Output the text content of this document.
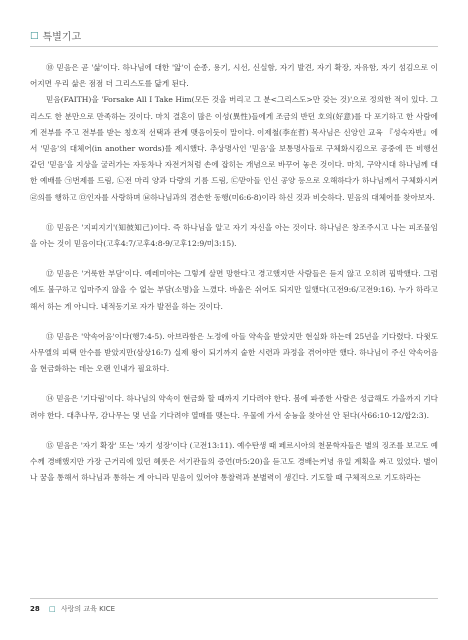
□ 특별기고

⑩ 믿음은 곧 '삶'이다. 하나님에 대한 '앎'이 순종, 용기, 시선, 신실함, 자기 발견, 자기 확장, 자유함, 자기 섬김으로 이어지면 우리 삶은 점점 더 그리스도를 닮게 된다.

믿음(FAITH)을 'Forsake All I Take Him(모든 것을 버리고 그 분<그리스도>만 갖는 것)'으로 정의한 적이 있다. 그리스도 한 분만으로 만족하는 것이다. 마치 결혼이 많은 이성(異性)들에게 조금의 반던 호의(好意)를 다 포기하고 한 사람에게 전부를 주고 전부를 받는 칭호적 선택과 관계 맺음이듯이 말이다. 이제철(李在哲) 목사님은 신앙인 교육 『성숙자반』에서 '믿음'의 대체어(in another words)를 제시했다. 추상명사인 '믿음'을 보통명사들로 구체화시킴으로 공중에 뜬 비행선 같던 '믿음'을 지상을 굴러가는 자동차나 자전거처럼 손에 잡히는 개념으로 바꾸어 놓은 것이다. 마치, 구약시대 하나님께 대한 예배를 ㉠번제를 드림, ㉡전 마리 양과 다량의 기름 드림, ㉢맏아들 인신 공양 등으로 오해하다가 하나님께서 구체화시켜 ㉣의를 행하고 ㉤인자를 사랑하며 ㉥하나님과의 겸손한 동행(미6:6-8)이라 하신 것과 비슷하다. 믿음의 대체어를 찾아보자.

⑪ 믿음은 '지피지기'(知彼知己)이다. 즉 하나님을 알고 자기 자신을 아는 것이다. 하나님은 창조주시고 나는 피조물임을 아는 것이 믿음이다(고후4:7/고후4:8-9/고후12:9/미3:15).

⑫ 믿음은 '거룩한 부담'이다. 예레미야는 그렇게 살면 망한다고 경고했지만 사람들은 듣지 않고 오히려 핍박했다. 그럼에도 불구하고 입마주지 않을 수 없는 부담(소명)을 느꼈다. 바울은 쉬어도 되지만 일했다(고전9:6/고전9:16). 누가 하라고 해서 하는 게 아니다. 내적동기로 자가 발전을 하는 것이다.

⑬ 믿음은 '약속어음'이다(행7:4-5). 아브라함은 노정에 아들 약속을 받았지만 현실화 하는데 25년을 기다렸다. 다윗도 사무엘의 피택 안수를 받았지만(삼상16:7) 실제 왕이 되기까지 숱한 시련과 과정을 겪어야만 했다. 하나님이 주신 약속어음을 현금화하는 데는 오랜 인내가 필요하다.

⑭ 믿음은 '기다림'이다. 하나님의 약속이 현금화 할 때까지 기다려야 한다. 봄에 파종한 사람은 성급해도 가을까지 기다려야 한다. 대추나무, 감나무는 몇 년을 기다려야 열매를 맺는다. 우물에 가서 숭늉을 찾아선 안 된다(사66:10-12/합2:3).

⑮ 믿음은 '자기 확장' 또는 '자기 성장'이다 (고전13:11). 예수탄생 때 페르시아의 천문학자들은 별의 징조를 보고도 예수께 경배했지만 가장 근거리에 있던 혜롯은 서기관들의 증언(마5:20)을 듣고도 경배는커녕 유일 계획을 짜고 있었다. 별이나 꿈을 통해서 하나님과 통하는 게 아니라 믿음이 있어야 통찰력과 분별력이 생긴다. 기도할 때 구체적으로 기도하라는

28 □ 사랑의 교육 KICE
